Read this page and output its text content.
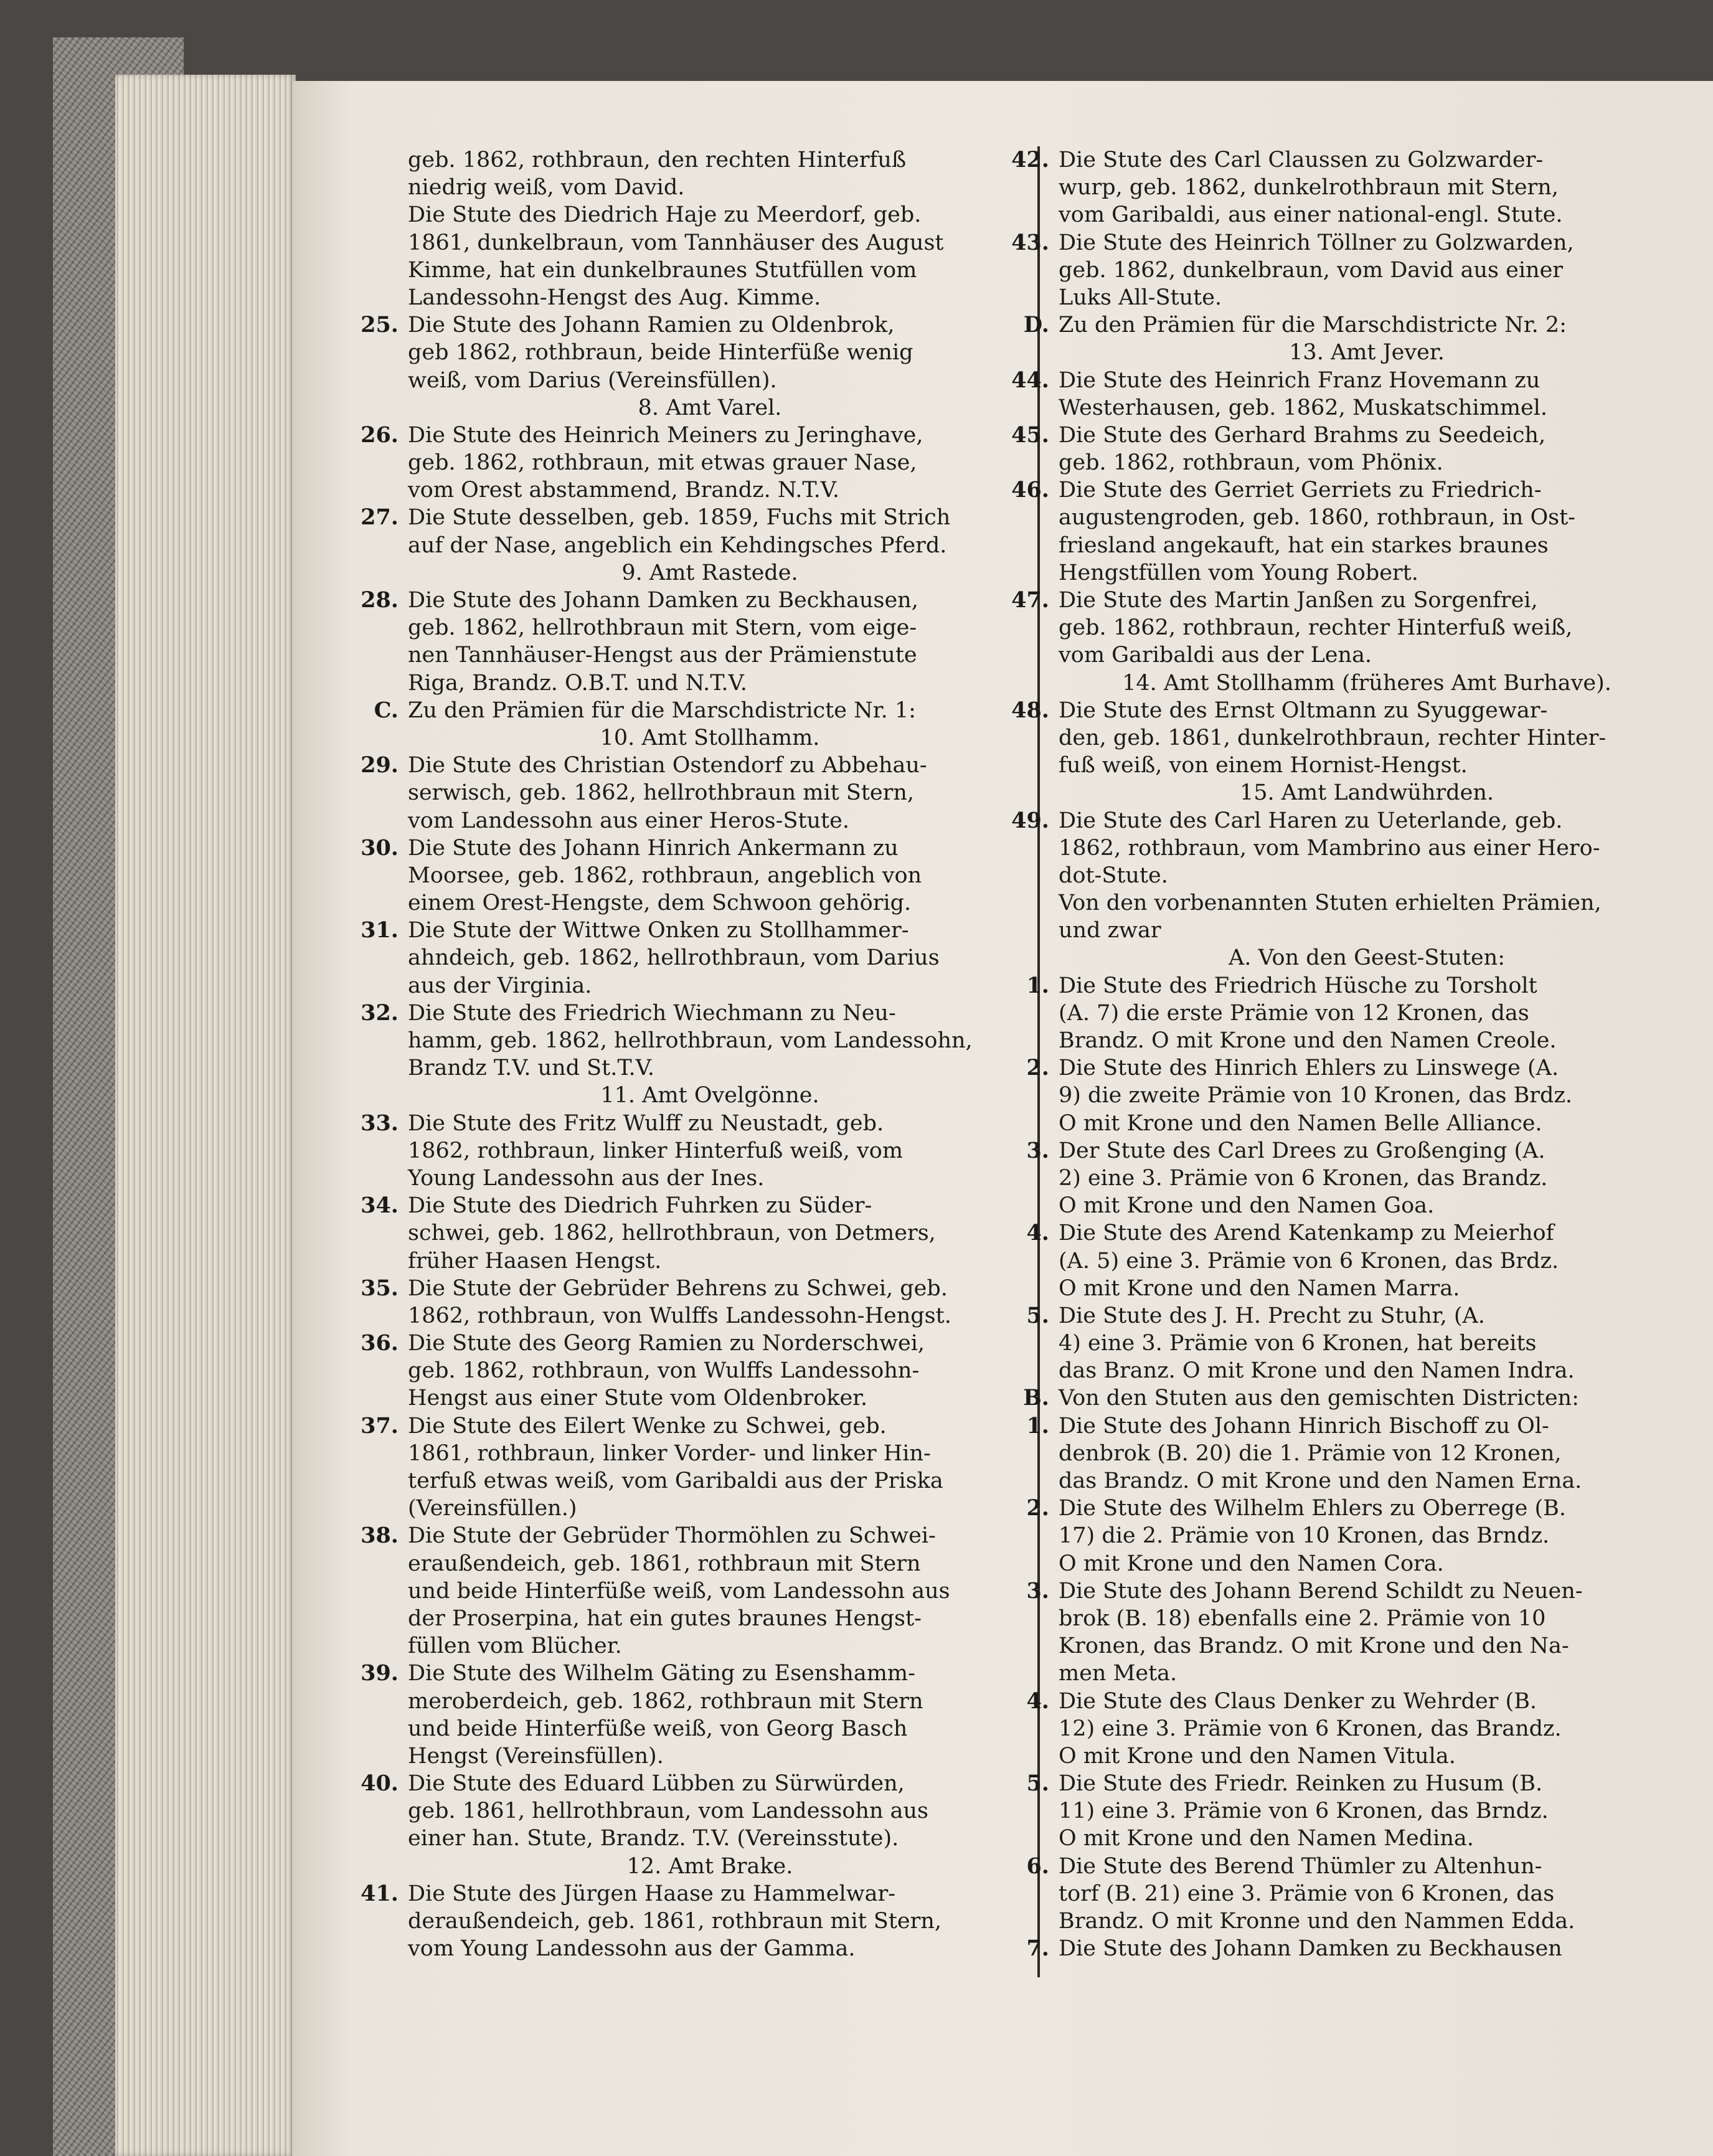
geb. 1862, rothbraun, den rechten Hinterfuß
niedrig weiß, vom David.
Die Stute des Diedrich Haje zu Meerdorf, geb.
1861, dunkelbraun, vom Tannhäuser des August
Kimme, hat ein dunkelbraunes Stutfüllen vom
Landessohn-Hengst des Aug. Kimme.
25. Die Stute des Johann Ramien zu Oldenbrok,
geb 1862, rothbraun, beide Hinterfüße wenig
weiß, vom Darius (Vereinsfüllen).
8. Amt Varel.
26. Die Stute des Heinrich Meiners zu Jeringhave,
geb. 1862, rothbraun, mit etwas grauer Nase,
vom Orest abstammend, Brandz. N.T.V.
27. Die Stute desselben, geb. 1859, Fuchs mit Strich
auf der Nase, angeblich ein Kehdingsches Pferd.
9. Amt Rastede.
28. Die Stute des Johann Damken zu Beckhausen,
geb. 1862, hellrothbraun mit Stern, vom eige-
nen Tannhäuser-Hengst aus der Prämienstute
Riga, Brandz. O.B.T. und N.T.V.
C. Zu den Prämien für die Marschdistricte Nr. 1:
10. Amt Stollhamm.
29. Die Stute des Christian Ostendorf zu Abbehau-
serwisch, geb. 1862, hellrothbraun mit Stern,
vom Landessohn aus einer Heros-Stute.
30. Die Stute des Johann Hinrich Ankermann zu
Moorsee, geb. 1862, rothbraun, angeblich von
einem Orest-Hengste, dem Schwoon gehörig.
31. Die Stute der Wittwe Onken zu Stollhammer-
ahndeich, geb. 1862, hellrothbraun, vom Darius
aus der Virginia.
32. Die Stute des Friedrich Wiechmann zu Neu-
hamm, geb. 1862, hellrothbraun, vom Landessohn,
Brandz T.V. und St.T.V.
11. Amt Ovelgönne.
33. Die Stute des Fritz Wulff zu Neustadt, geb.
1862, rothbraun, linker Hinterfuß weiß, vom
Young Landessohn aus der Ines.
34. Die Stute des Diedrich Fuhrken zu Süder-
schwei, geb. 1862, hellrothbraun, von Detmers,
früher Haasen Hengst.
35. Die Stute der Gebrüder Behrens zu Schwei, geb.
1862, rothbraun, von Wulffs Landessohn-Hengst.
36. Die Stute des Georg Ramien zu Norderschwei,
geb. 1862, rothbraun, von Wulffs Landessohn-
Hengst aus einer Stute vom Oldenbroker.
37. Die Stute des Eilert Wenke zu Schwei, geb.
1861, rothbraun, linker Vorder- und linker Hin-
terfuß etwas weiß, vom Garibaldi aus der Priska
(Vereinsfüllen.)
38. Die Stute der Gebrüder Thormöhlen zu Schwei-
eraußendeich, geb. 1861, rothbraun mit Stern
und beide Hinterfüße weiß, vom Landessohn aus
der Proserpina, hat ein gutes braunes Hengst-
füllen vom Blücher.
39. Die Stute des Wilhelm Gäting zu Esenshamm-
meroberdeich, geb. 1862, rothbraun mit Stern
und beide Hinterfüße weiß, von Georg Basch
Hengst (Vereinsfüllen).
40. Die Stute des Eduard Lübben zu Sürwürden,
geb. 1861, hellrothbraun, vom Landessohn aus
einer han. Stute, Brandz. T.V. (Vereinsstute).
12. Amt Brake.
41. Die Stute des Jürgen Haase zu Hammelwar-
deraußendeich, geb. 1861, rothbraun mit Stern,
vom Young Landessohn aus der Gamma.
42. Die Stute des Carl Claussen zu Golzwarder-
wurp, geb. 1862, dunkelrothbraun mit Stern,
vom Garibaldi, aus einer national-engl. Stute.
43. Die Stute des Heinrich Töllner zu Golzwarden,
geb. 1862, dunkelbraun, vom David aus einer
Luks All-Stute.
D. Zu den Prämien für die Marschdistricte Nr. 2:
13. Amt Jever.
44. Die Stute des Heinrich Franz Hovemann zu
Westerhausen, geb. 1862, Muskatschimmel.
45. Die Stute des Gerhard Brahms zu Seedeich,
geb. 1862, rothbraun, vom Phönix.
46. Die Stute des Gerriet Gerriets zu Friedrich-
augustengroden, geb. 1860, rothbraun, in Ost-
friesland angekauft, hat ein starkes braunes
Hengstfüllen vom Young Robert.
47. Die Stute des Martin Janßen zu Sorgenfrei,
geb. 1862, rothbraun, rechter Hinterfuß weiß,
vom Garibaldi aus der Lena.
14. Amt Stollhamm (früheres Amt Burhave).
48. Die Stute des Ernst Oltmann zu Syuggewar-
den, geb. 1861, dunkelrothbraun, rechter Hinter-
fuß weiß, von einem Hornist-Hengst.
15. Amt Landwührden.
49. Die Stute des Carl Haren zu Ueterlande, geb.
1862, rothbraun, vom Mambrino aus einer Hero-
dot-Stute.
Von den vorbenannten Stuten erhielten Prämien,
und zwar
A. Von den Geest-Stuten:
1. Die Stute des Friedrich Hüsche zu Torsholt
(A. 7) die erste Prämie von 12 Kronen, das
Brandz. O mit Krone und den Namen Creole.
2. Die Stute des Hinrich Ehlers zu Linswege (A.
9) die zweite Prämie von 10 Kronen, das Brdz.
O mit Krone und den Namen Belle Alliance.
3. Der Stute des Carl Drees zu Großenging (A.
2) eine 3. Prämie von 6 Kronen, das Brandz.
O mit Krone und den Namen Goa.
4. Die Stute des Arend Katenkamp zu Meierhof
(A. 5) eine 3. Prämie von 6 Kronen, das Brdz.
O mit Krone und den Namen Marra.
5. Die Stute des J. H. Precht zu Stuhr, (A.
4) eine 3. Prämie von 6 Kronen, hat bereits
das Branz. O mit Krone und den Namen Indra.
B. Von den Stuten aus den gemischten Districten:
1. Die Stute des Johann Hinrich Bischoff zu Ol-
denbrok (B. 20) die 1. Prämie von 12 Kronen,
das Brandz. O mit Krone und den Namen Erna.
2. Die Stute des Wilhelm Ehlers zu Oberrege (B.
17) die 2. Prämie von 10 Kronen, das Brndz.
O mit Krone und den Namen Cora.
3. Die Stute des Johann Berend Schildt zu Neuen-
brok (B. 18) ebenfalls eine 2. Prämie von 10
Kronen, das Brandz. O mit Krone und den Na-
men Meta.
4. Die Stute des Claus Denker zu Wehrder (B.
12) eine 3. Prämie von 6 Kronen, das Brandz.
O mit Krone und den Namen Vitula.
5. Die Stute des Friedr. Reinken zu Husum (B.
11) eine 3. Prämie von 6 Kronen, das Brndz.
O mit Krone und den Namen Medina.
6. Die Stute des Berend Thümler zu Altenhun-
torf (B. 21) eine 3. Prämie von 6 Kronen, das
Brandz. O mit Kronne und den Nammen Edda.
7. Die Stute des Johann Damken zu Beckhausen
